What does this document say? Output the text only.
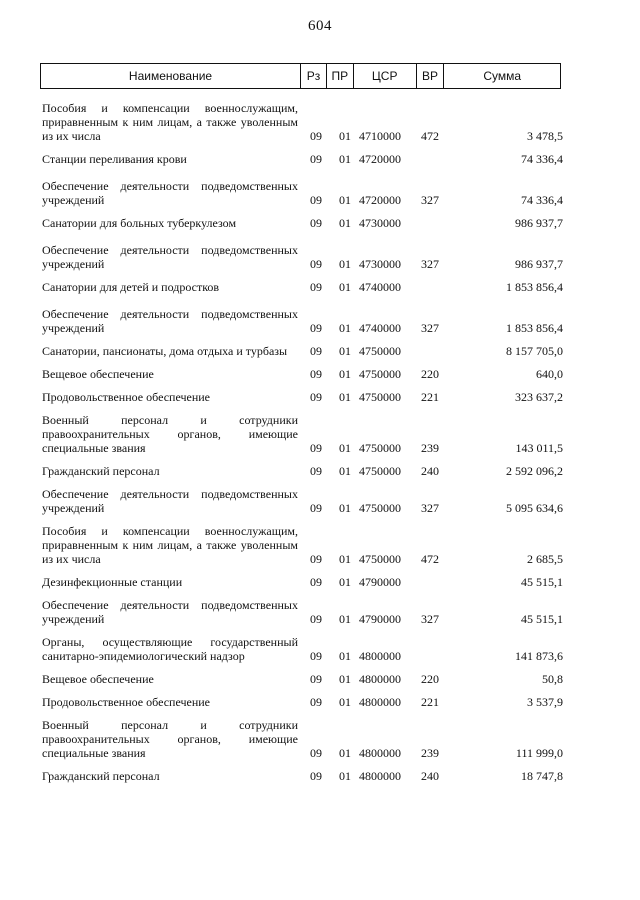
604
Наименование	Рз ПР	ЦСР	ВР	Сумма
Пособия и компенсации военнослужащим, приравненным к ним лицам, а также уволенным из их числа	09 01 4710000 472	3 478,5
Станции переливания крови	09 01 4720000	74 336,4
Обеспечение деятельности подведомственных учреждений	09 01 4720000 327	74 336,4
Санатории для больных туберкулезом	09 01 4730000	986 937,7
Обеспечение деятельности подведомственных учреждений	09 01 4730000 327	986 937,7
Санатории для детей и подростков	09 01 4740000	1 853 856,4
Обеспечение деятельности подведомственных учреждений	09 01 4740000 327	1 853 856,4
Санатории, пансионаты, дома отдыха и турбазы	09 01 4750000	8 157 705,0
Вещевое обеспечение	09 01 4750000 220	640,0
Продовольственное обеспечение	09 01 4750000 221	323 637,2
Военный персонал и сотрудники правоохранительных органов, имеющие специальные звания	09 01 4750000 239	143 011,5
Гражданский персонал	09 01 4750000 240	2 592 096,2
Обеспечение деятельности подведомственных учреждений	09 01 4750000 327	5 095 634,6
Пособия и компенсации военнослужащим, приравненным к ним лицам, а также уволенным из их числа	09 01 4750000 472	2 685,5
Дезинфекционные станции	09 01 4790000	45 515,1
Обеспечение деятельности подведомственных учреждений	09 01 4790000 327	45 515,1
Органы, осуществляющие государственный санитарно-эпидемиологический надзор	09 01 4800000	141 873,6
Вещевое обеспечение	09 01 4800000 220	50,8
Продовольственное обеспечение	09 01 4800000 221	3 537,9
Военный персонал и сотрудники правоохранительных органов, имеющие специальные звания	09 01 4800000 239	111 999,0
Гражданский персонал	09 01 4800000 240	18 747,8
